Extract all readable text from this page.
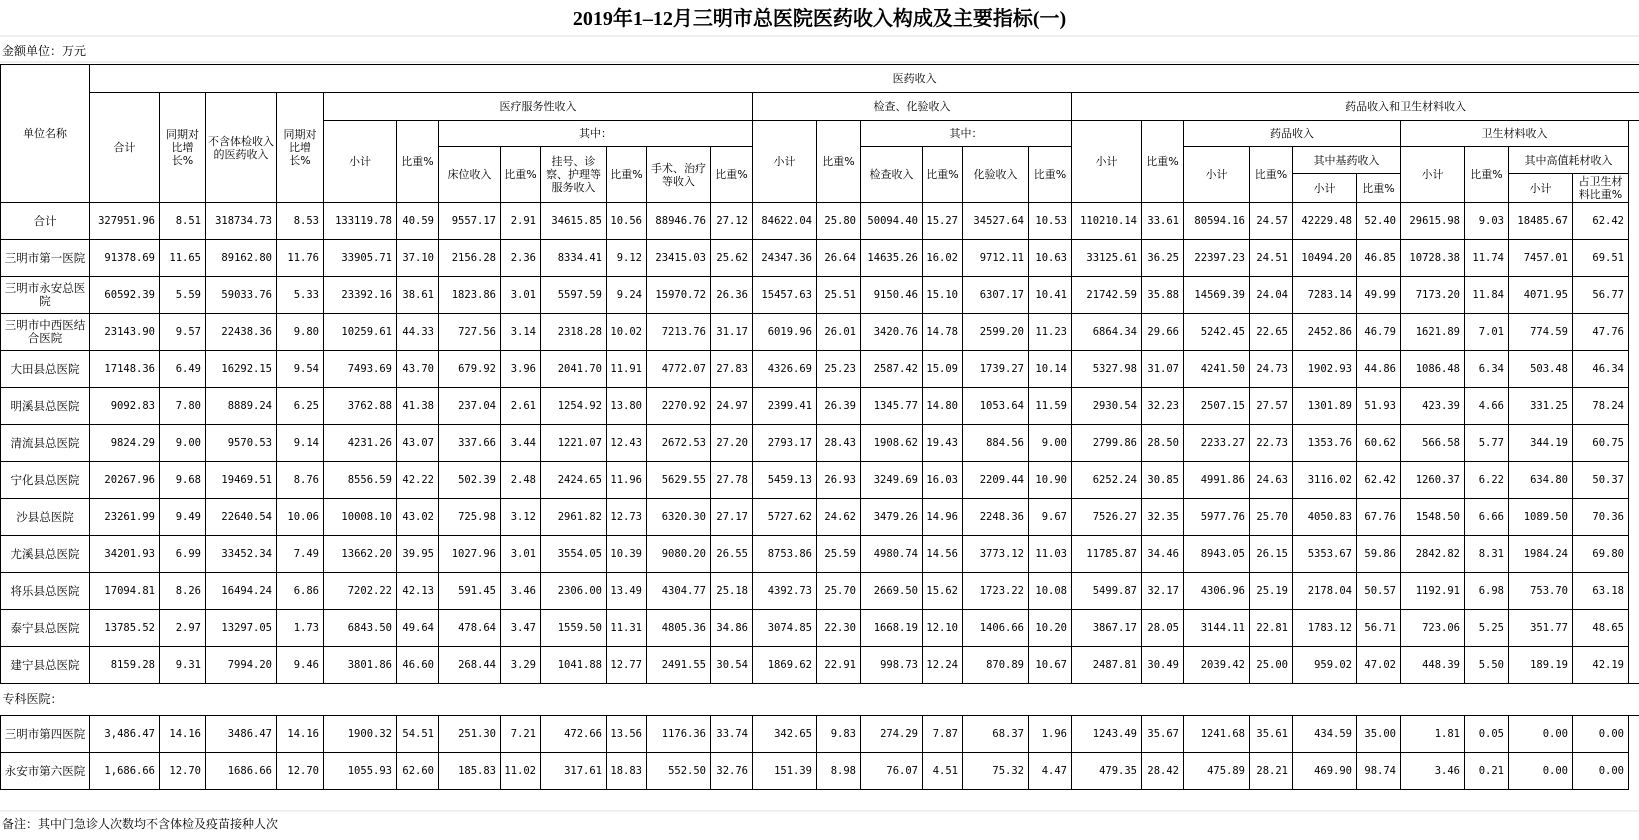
2019年1–12月三明市总医院医药收入构成及主要指标(一)
金额单位：万元
单位名称	医药收入																											
	合计	同期对比增长%	不含体检收入的医药收入	同期对比增长%	医疗服务性收入								检查、化验收入						药品收入和卫生材料收入									
					小计	比重%	其中：						小计	比重%	其中：				小计	比重%	药品收入				卫生材料收入			
							床位收入	比重%	挂号、诊察、护理等服务收入	比重%	手术、治疗等收入	比重%			检查收入	比重%	化验收入	比重%			小计	比重%	其中基药收入		小计	比重%	其中高值耗材收入	
																							小计	比重%			小计	占卫生材料比重%
合计	327951.96	8.51	318734.73	8.53	133119.78	40.59	9557.17	2.91	34615.85	10.56	88946.76	27.12	84622.04	25.80	50094.40	15.27	34527.64	10.53	110210.14	33.61	80594.16	24.57	42229.48	52.40	29615.98	9.03	18485.67	62.42
三明市第一医院	91378.69	11.65	89162.80	11.76	33905.71	37.10	2156.28	2.36	8334.41	9.12	23415.03	25.62	24347.36	26.64	14635.26	16.02	9712.11	10.63	33125.61	36.25	22397.23	24.51	10494.20	46.85	10728.38	11.74	7457.01	69.51
三明市永安总医院	60592.39	5.59	59033.76	5.33	23392.16	38.61	1823.86	3.01	5597.59	9.24	15970.72	26.36	15457.63	25.51	9150.46	15.10	6307.17	10.41	21742.59	35.88	14569.39	24.04	7283.14	49.99	7173.20	11.84	4071.95	56.77
三明市中西医结合医院	23143.90	9.57	22438.36	9.80	10259.61	44.33	727.56	3.14	2318.28	10.02	7213.76	31.17	6019.96	26.01	3420.76	14.78	2599.20	11.23	6864.34	29.66	5242.45	22.65	2452.86	46.79	1621.89	7.01	774.59	47.76
大田县总医院	17148.36	6.49	16292.15	9.54	7493.69	43.70	679.92	3.96	2041.70	11.91	4772.07	27.83	4326.69	25.23	2587.42	15.09	1739.27	10.14	5327.98	31.07	4241.50	24.73	1902.93	44.86	1086.48	6.34	503.48	46.34
明溪县总医院	9092.83	7.80	8889.24	6.25	3762.88	41.38	237.04	2.61	1254.92	13.80	2270.92	24.97	2399.41	26.39	1345.77	14.80	1053.64	11.59	2930.54	32.23	2507.15	27.57	1301.89	51.93	423.39	4.66	331.25	78.24
清流县总医院	9824.29	9.00	9570.53	9.14	4231.26	43.07	337.66	3.44	1221.07	12.43	2672.53	27.20	2793.17	28.43	1908.62	19.43	884.56	9.00	2799.86	28.50	2233.27	22.73	1353.76	60.62	566.58	5.77	344.19	60.75
宁化县总医院	20267.96	9.68	19469.51	8.76	8556.59	42.22	502.39	2.48	2424.65	11.96	5629.55	27.78	5459.13	26.93	3249.69	16.03	2209.44	10.90	6252.24	30.85	4991.86	24.63	3116.02	62.42	1260.37	6.22	634.80	50.37
沙县总医院	23261.99	9.49	22640.54	10.06	10008.10	43.02	725.98	3.12	2961.82	12.73	6320.30	27.17	5727.62	24.62	3479.26	14.96	2248.36	9.67	7526.27	32.35	5977.76	25.70	4050.83	67.76	1548.50	6.66	1089.50	70.36
尤溪县总医院	34201.93	6.99	33452.34	7.49	13662.20	39.95	1027.96	3.01	3554.05	10.39	9080.20	26.55	8753.86	25.59	4980.74	14.56	3773.12	11.03	11785.87	34.46	8943.05	26.15	5353.67	59.86	2842.82	8.31	1984.24	69.80
将乐县总医院	17094.81	8.26	16494.24	6.86	7202.22	42.13	591.45	3.46	2306.00	13.49	4304.77	25.18	4392.73	25.70	2669.50	15.62	1723.22	10.08	5499.87	32.17	4306.96	25.19	2178.04	50.57	1192.91	6.98	753.70	63.18
泰宁县总医院	13785.52	2.97	13297.05	1.73	6843.50	49.64	478.64	3.47	1559.50	11.31	4805.36	34.86	3074.85	22.30	1668.19	12.10	1406.66	10.20	3867.17	28.05	3144.11	22.81	1783.12	56.71	723.06	5.25	351.77	48.65
建宁县总医院	8159.28	9.31	7994.20	9.46	3801.86	46.60	268.44	3.29	1041.88	12.77	2491.55	30.54	1869.62	22.91	998.73	12.24	870.89	10.67	2487.81	30.49	2039.42	25.00	959.02	47.02	448.39	5.50	189.19	42.19
专科医院：																												
三明市第四医院	3,486.47	14.16	3486.47	14.16	1900.32	54.51	251.30	7.21	472.66	13.56	1176.36	33.74	342.65	9.83	274.29	7.87	68.37	1.96	1243.49	35.67	1241.68	35.61	434.59	35.00	1.81	0.05	0.00	0.00
永安市第六医院	1,686.66	12.70	1686.66	12.70	1055.93	62.60	185.83	11.02	317.61	18.83	552.50	32.76	151.39	8.98	76.07	4.51	75.32	4.47	479.35	28.42	475.89	28.21	469.90	98.74	3.46	0.21	0.00	0.00
备注：其中门急诊人次数均不含体检及疫苗接种人次
